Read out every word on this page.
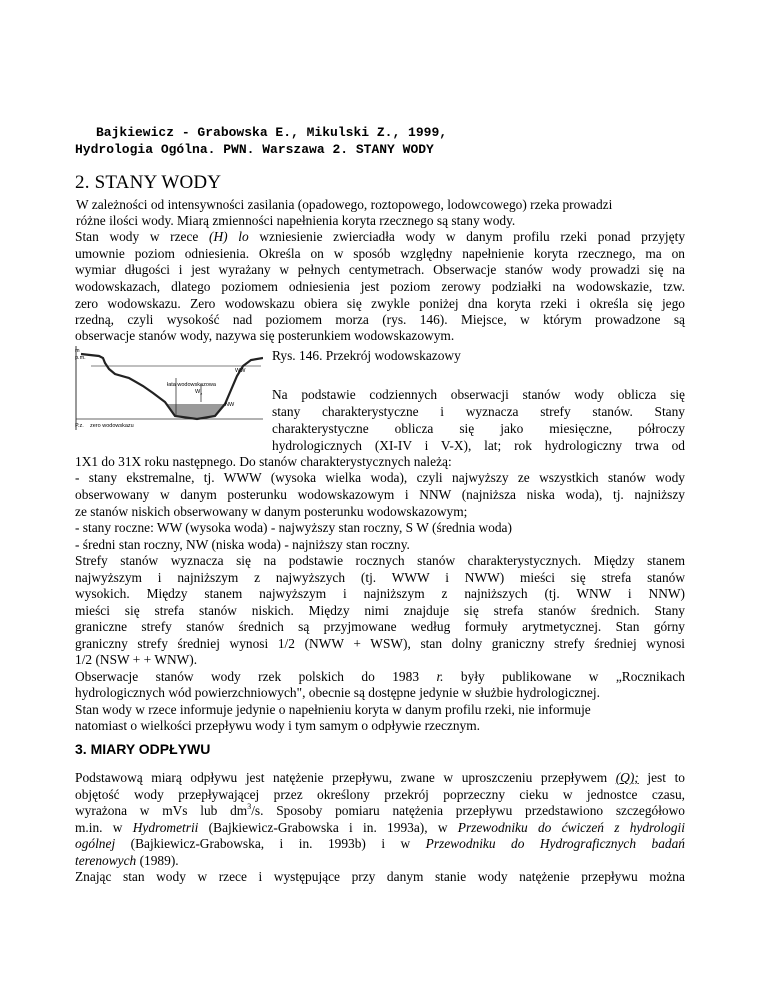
Bajkiewicz - Grabowska E., Mikulski Z., 1999,
Hydrologia Ogólna. PWN. Warszawa 2. STANY WODY
2. STANY WODY
W zależności od intensywności zasilania (opadowego, roztopowego, lodowcowego) rzeka prowadzi
różne ilości wody. Miarą zmienności napełnienia koryta rzecznego są stany wody.
Stan wody w rzece (H) lo wzniesienie zwierciadła wody w danym profilu rzeki ponad przyjęty
umownie poziom odniesienia. Określa on w sposób względny napełnienie koryta rzecznego, ma on
wymiar długości i jest wyrażany w pełnych centymetrach. Obserwacje stanów wody prowadzi się na
wodowskazach, dlatego poziomem odniesienia jest poziom zerowy podziałki na wodowskazie, tzw.
zero wodowskazu. Zero wodowskazu obiera się zwykle poniżej dna koryta rzeki i określa się jego
rzedną, czyli wysokość nad poziomem morza (rys. 146). Miejsce, w którym prowadzone są
obserwacje stanów wody, nazywa się posterunkiem wodowskazowym.
m
p.m.
WW
łata wodowskazowa
$W_z$
NW
P.z. zero wodowskazu
Rys. 146. Przekrój wodowskazowy
Na podstawie codziennych obserwacji stanów wody oblicza się
stany charakterystyczne i wyznacza strefy stanów. Stany
charakterystyczne oblicza się jako miesięczne, półroczy
hydrologicznych (XI-IV i V-X), lat; rok hydrologiczny trwa od
1X1 do 31X roku następnego. Do stanów charakterystycznych należą:
- stany ekstremalne, tj. WWW (wysoka wielka woda), czyli najwyższy ze wszystkich stanów wody
obserwowany w danym posterunku wodowskazowym i NNW (najniższa niska woda), tj. najniższy
ze stanów niskich obserwowany w danym posterunku wodowskazowym;
- stany roczne: WW (wysoka woda) - najwyższy stan roczny, S W (średnia woda)
- średni stan roczny, NW (niska woda) - najniższy stan roczny.
Strefy stanów wyznacza się na podstawie rocznych stanów charakterystycznych. Między stanem
najwyższym i najniższym z najwyższych (tj. WWW i NWW) mieści się strefa stanów
wysokich. Między stanem najwyższym i najniższym z najniższych (tj. WNW i NNW)
mieści się strefa stanów niskich. Między nimi znajduje się strefa stanów średnich. Stany
graniczne strefy stanów średnich są przyjmowane według formuły arytmetycznej. Stan górny
graniczny strefy średniej wynosi 1/2 (NWW + WSW), stan dolny graniczny strefy średniej wynosi
1/2 (NSW + + WNW).
Obserwacje stanów wody rzek polskich do 1983 r. były publikowane w „Rocznikach
hydrologicznych wód powierzchniowych", obecnie są dostępne jedynie w służbie hydrologicznej.
Stan wody w rzece informuje jedynie o napełnieniu koryta w danym profilu rzeki, nie informuje
natomiast o wielkości przepływu wody i tym samym o odpływie rzecznym.
3. MIARY ODPŁYWU
Podstawową miarą odpływu jest natężenie przepływu, zwane w uproszczeniu przepływem (Q); jest to
objętość wody przepływającej przez określony przekrój poprzeczny cieku w jednostce czasu,
wyrażona w mVs lub $dm^3/s$. Sposoby pomiaru natężenia przepływu przedstawiono szczegółowo
m.in. w Hydrometrii (Bajkiewicz-Grabowska i in. 1993a), w Przewodniku do ćwiczeń z hydrologii
ogólnej (Bajkiewicz-Grabowska, i in. 1993b) i w Przewodniku do Hydrograficznych badań
terenowych (1989).
Znając stan wody w rzece i występujące przy danym stanie wody natężenie przepływu można
